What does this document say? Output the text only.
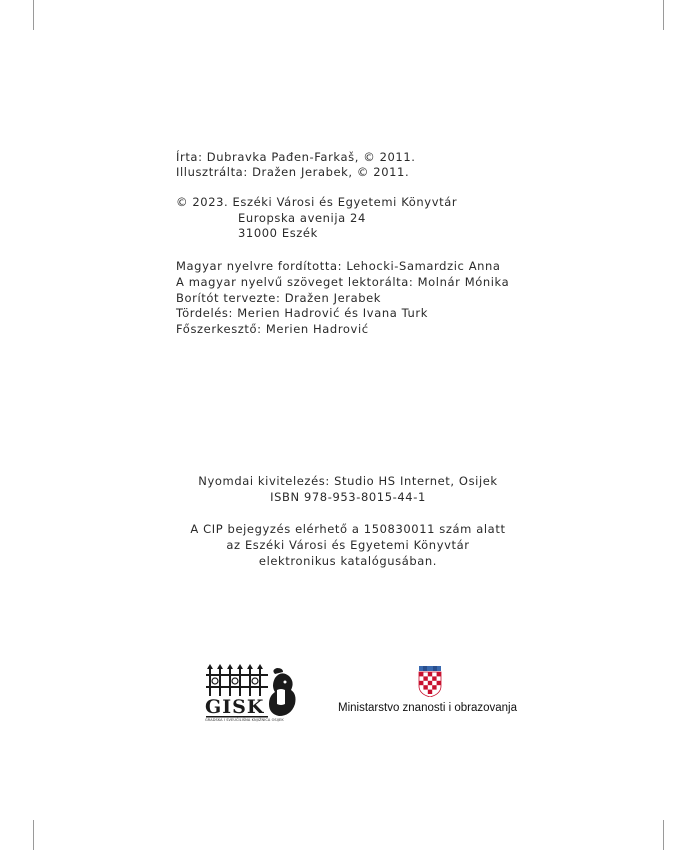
Írta: Dubravka Pađen-Farkaš, © 2011.
Illusztrálta: Dražen Jerabek, © 2011.
© 2023. Eszéki Városi és Egyetemi Könyvtár
Europska avenija 24
31000 Eszék
Magyar nyelvre fordította: Lehocki-Samardzic Anna
A magyar nyelvű szöveget lektorálta: Molnár Mónika
Borítót tervezte: Dražen Jerabek
Tördelés: Merien Hadrović és Ivana Turk
Főszerkesztő: Merien Hadrović
Nyomdai kivitelezés: Studio HS Internet, Osijek
ISBN 978-953-8015-44-1
A CIP bejegyzés elérhető a 150830011 szám alatt
az Eszéki Városi és Egyetemi Könyvtár
elektronikus katalógusában.
GISK
GRADSKA I SVEUČILIŠNA KNJIŽNICA OSIJEK
Ministarstvo znanosti i obrazovanja
